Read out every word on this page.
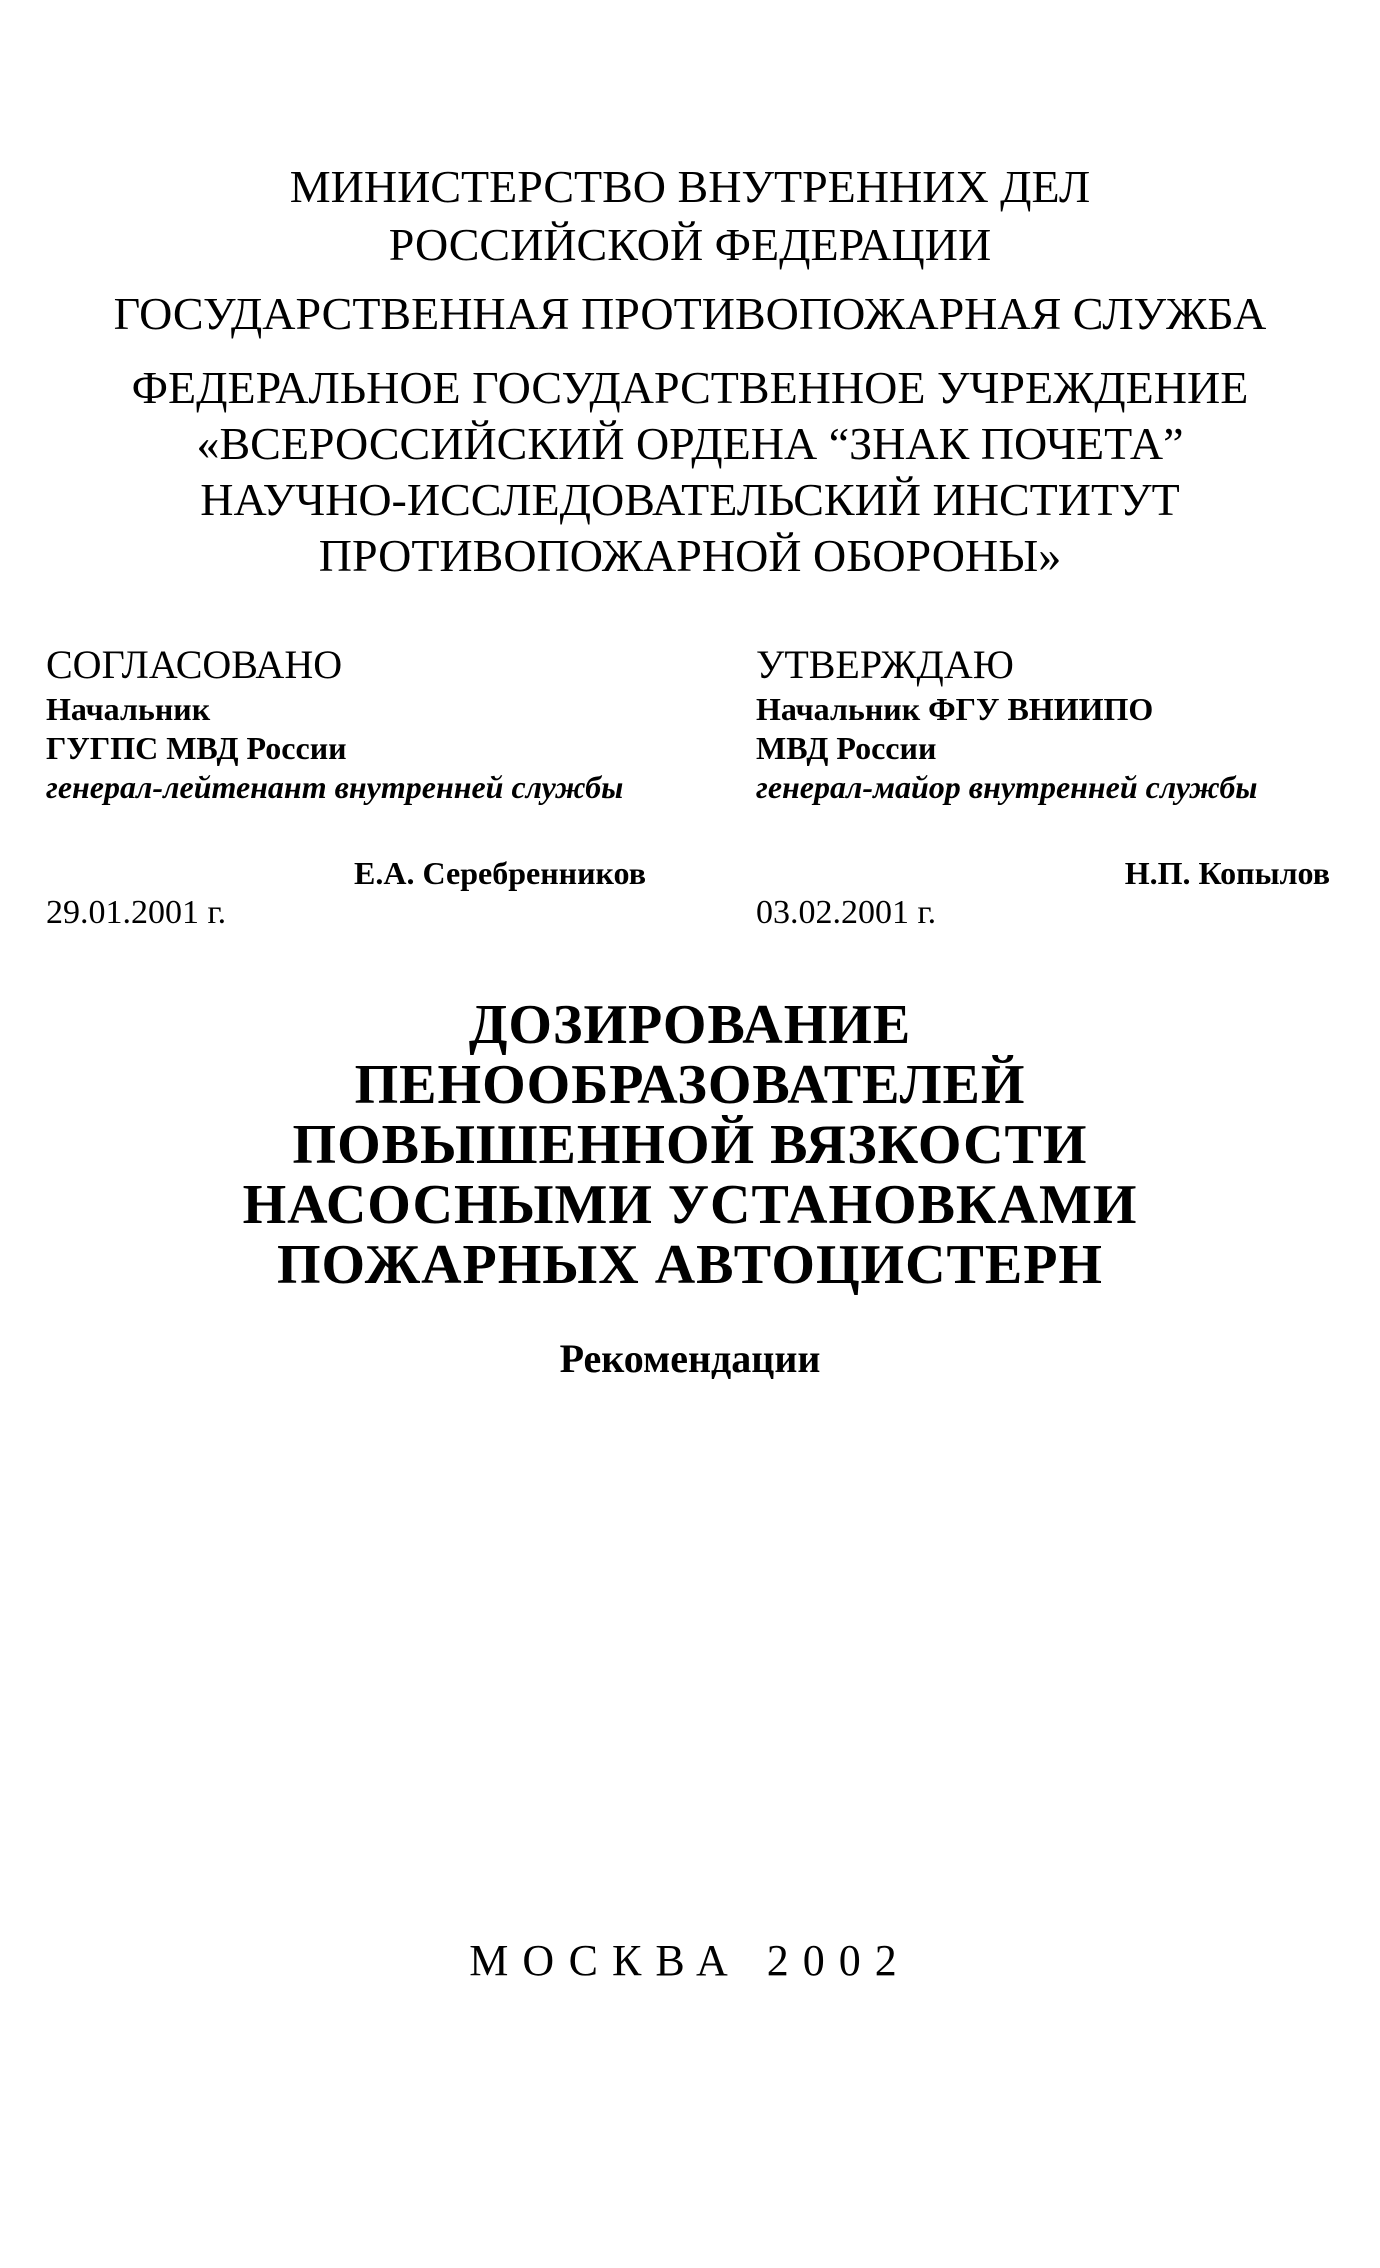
МИНИСТЕРСТВО ВНУТРЕННИХ ДЕЛ
РОССИЙСКОЙ ФЕДЕРАЦИИ
ГОСУДАРСТВЕННАЯ ПРОТИВОПОЖАРНАЯ СЛУЖБА
ФЕДЕРАЛЬНОЕ ГОСУДАРСТВЕННОЕ УЧРЕЖДЕНИЕ
«ВСЕРОССИЙСКИЙ ОРДЕНА “ЗНАК ПОЧЕТА”
НАУЧНО-ИССЛЕДОВАТЕЛЬСКИЙ ИНСТИТУТ
ПРОТИВОПОЖАРНОЙ ОБОРОНЫ»
СОГЛАСОВАНО
Начальник
ГУГПС МВД России
генерал-лейтенант внутренней службы
Е.А. Серебренников
29.01.2001 г.
УТВЕРЖДАЮ
Начальник ФГУ ВНИИПО
МВД России
генерал-майор внутренней службы
Н.П. Копылов
03.02.2001 г.
ДОЗИРОВАНИЕ
ПЕНООБРАЗОВАТЕЛЕЙ
ПОВЫШЕННОЙ ВЯЗКОСТИ
НАСОСНЫМИ УСТАНОВКАМИ
ПОЖАРНЫХ АВТОЦИСТЕРН
Рекомендации
МОСКВА 2002
